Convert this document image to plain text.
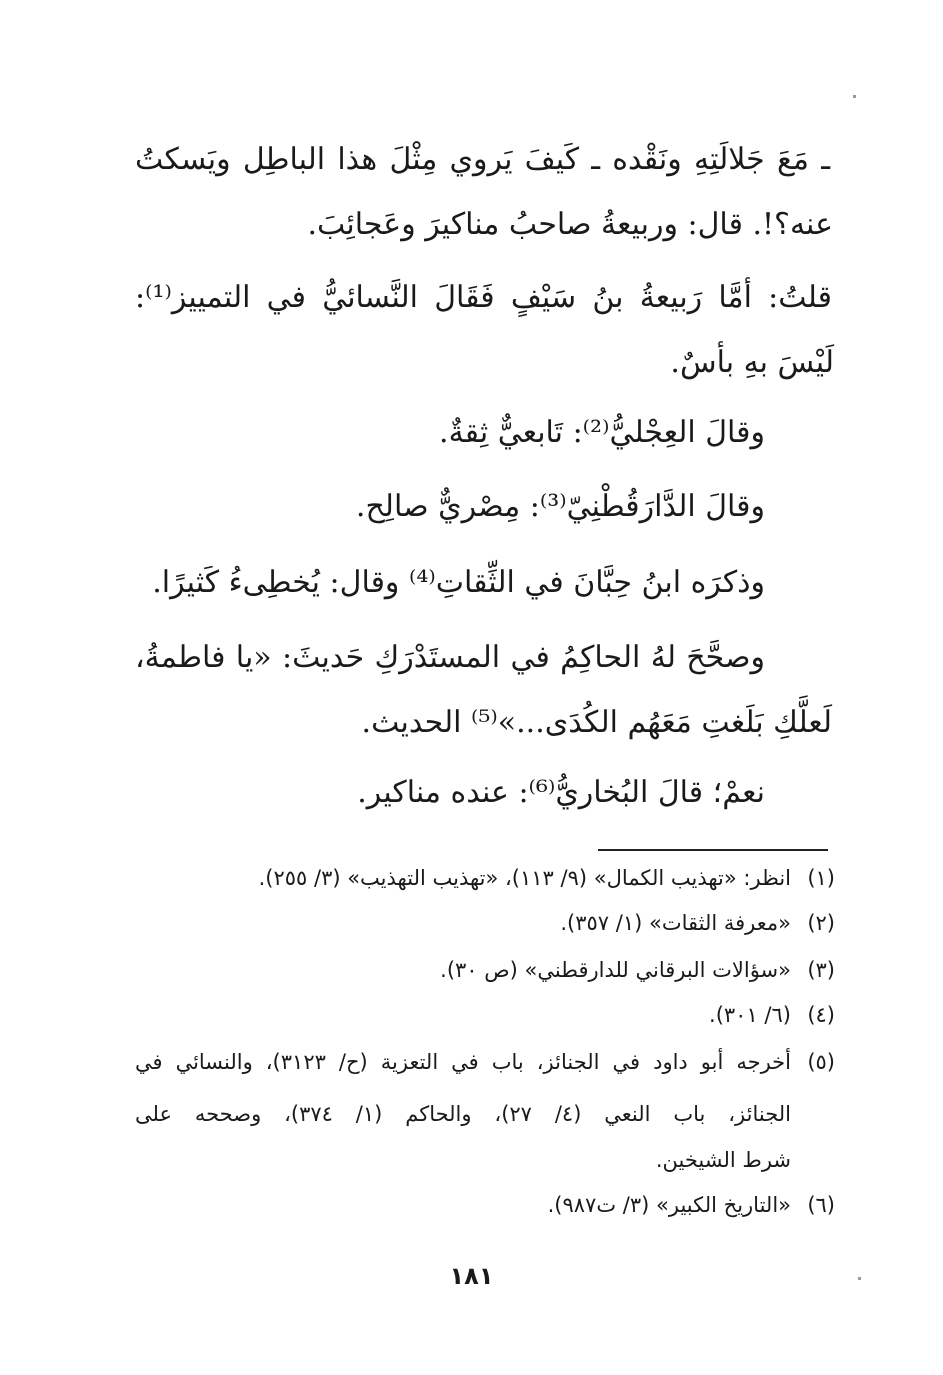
ـ مَعَ جَلالَتِهِ ونَقْده ـ كَيفَ يَروي مِثْلَ هذا الباطِل ويَسكتُ
عنه؟!. قال: وربيعةُ صاحبُ مناكيرَ وعَجائِبَ.
قلتُ: أمَّا رَبيعةُ بنُ سَيْفٍ فَقَالَ النَّسائيُّ في التمييز⁽¹⁾:
لَيْسَ بهِ بأسٌ.
وقالَ العِجْليُّ⁽²⁾: تَابعيٌّ ثِقةٌ.
وقالَ الدَّارَقُطْنِيّ⁽³⁾: مِصْريٌّ صالِح.
وذكرَه ابنُ حِبَّانَ في الثِّقاتِ⁽⁴⁾ وقال: يُخطِىءُ كَثيرًا.
وصحَّحَ لهُ الحاكِمُ في المستَدْرَكِ حَديثَ: «يا فاطمةُ،
لَعلَّكِ بَلَغتِ مَعَهُم الكُدَى...»⁽⁵⁾ الحديث.
نعمْ؛ قالَ البُخاريُّ⁽⁶⁾: عنده مناكير.
(١)انظر: «تهذيب الكمال» (٩/ ١١٣)، «تهذيب التهذيب» (٣/ ٢٥٥).
(٢)«معرفة الثقات» (١/ ٣٥٧).
(٣)«سؤالات البرقاني للدارقطني» (ص ٣٠).
(٤)(٦/ ٣٠١).
(٥)أخرجه أبو داود في الجنائز، باب في التعزية (ح/ ٣١٢٣)، والنسائي في
الجنائز، باب النعي (٤/ ٢٧)، والحاكم (١/ ٣٧٤)، وصححه على
شرط الشيخين.
(٦)«التاريخ الكبير» (٣/ ت٩٨٧).
١٨١
